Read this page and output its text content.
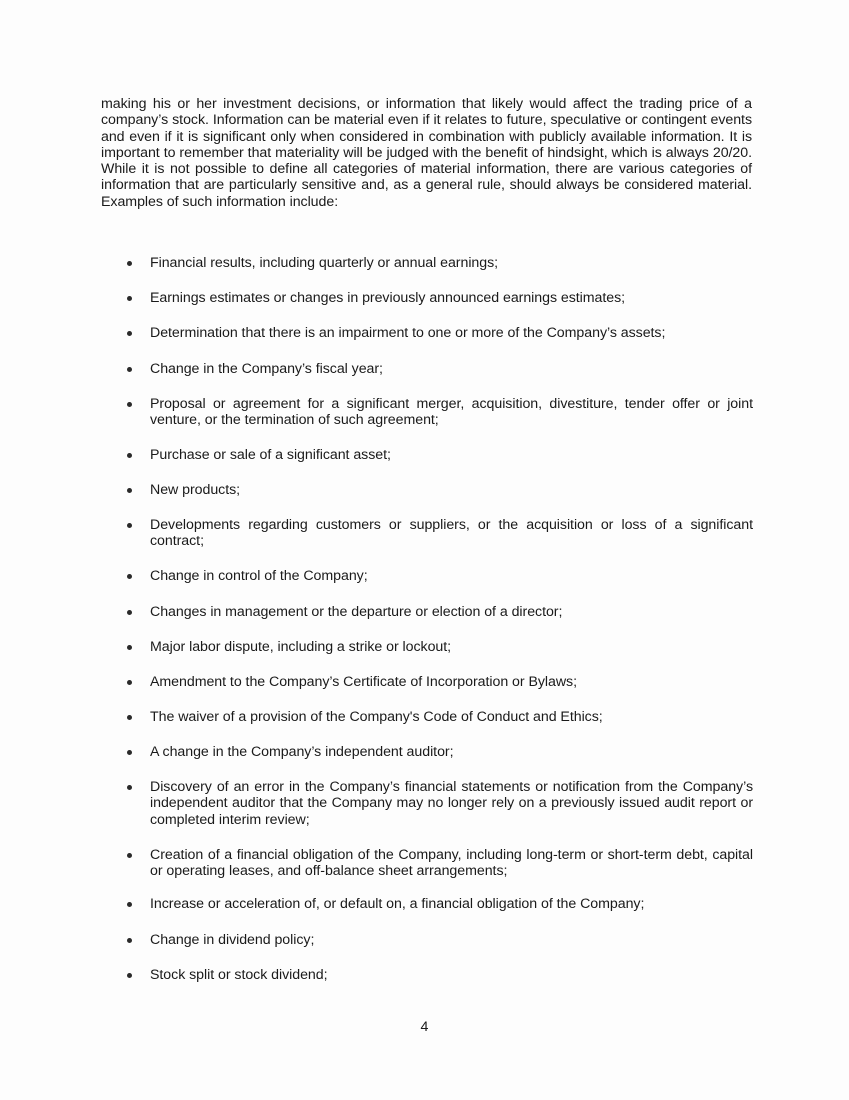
making his or her investment decisions, or information that likely would affect the trading price of a company’s stock. Information can be material even if it relates to future, speculative or contingent events and even if it is significant only when considered in combination with publicly available information. It is important to remember that materiality will be judged with the benefit of hindsight, which is always 20/20. While it is not possible to define all categories of material information, there are various categories of information that are particularly sensitive and, as a general rule, should always be considered material. Examples of such information include:

Financial results, including quarterly or annual earnings;
Earnings estimates or changes in previously announced earnings estimates;
Determination that there is an impairment to one or more of the Company’s assets;
Change in the Company’s fiscal year;
Proposal or agreement for a significant merger, acquisition, divestiture, tender offer or joint venture, or the termination of such agreement;
Purchase or sale of a significant asset;
New products;
Developments regarding customers or suppliers, or the acquisition or loss of a significant contract;
Change in control of the Company;
Changes in management or the departure or election of a director;
Major labor dispute, including a strike or lockout;
Amendment to the Company’s Certificate of Incorporation or Bylaws;
The waiver of a provision of the Company's Code of Conduct and Ethics;
A change in the Company’s independent auditor;
Discovery of an error in the Company’s financial statements or notification from the Company’s independent auditor that the Company may no longer rely on a previously issued audit report or completed interim review;
Creation of a financial obligation of the Company, including long-term or short-term debt, capital or operating leases, and off-balance sheet arrangements;
Increase or acceleration of, or default on, a financial obligation of the Company;
Change in dividend policy;
Stock split or stock dividend;
4
